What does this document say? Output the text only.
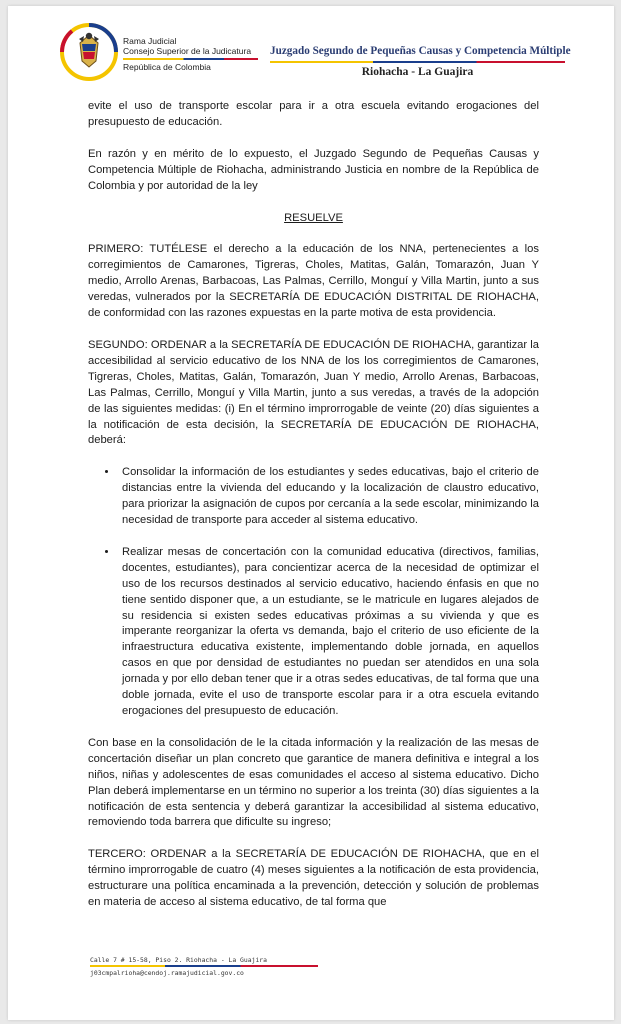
Rama Judicial
Consejo Superior de la Judicatura
República de Colombia
Juzgado Segundo de Pequeñas Causas y Competencia Múltiple
Riohacha - La Guajira

evite el uso de transporte escolar para ir a otra escuela evitando erogaciones del presupuesto de educación.

En razón y en mérito de lo expuesto, el Juzgado Segundo de Pequeñas Causas y Competencia Múltiple de Riohacha, administrando Justicia en nombre de la República de Colombia y por autoridad de la ley

RESUELVE

PRIMERO: TUTÉLESE el derecho a la educación de los NNA, pertenecientes a los corregimientos de Camarones, Tigreras, Choles, Matitas, Galán, Tomarazón, Juan Y medio, Arrollo Arenas, Barbacoas, Las Palmas, Cerrillo, Monguí y Villa Martin, junto a sus veredas, vulnerados por la SECRETARÍA DE EDUCACIÓN DISTRITAL DE RIOHACHA, de conformidad con las razones expuestas en la parte motiva de esta providencia.

SEGUNDO: ORDENAR a la SECRETARÍA DE EDUCACIÓN DE RIOHACHA, garantizar la accesibilidad al servicio educativo de los NNA de los los corregimientos de Camarones, Tigreras, Choles, Matitas, Galán, Tomarazón, Juan Y medio, Arrollo Arenas, Barbacoas, Las Palmas, Cerrillo, Monguí y Villa Martin, junto a sus veredas, a través de la adopción de las siguientes medidas: (i) En el término improrrogable de veinte (20) días siguientes a la notificación de esta decisión, la SECRETARÍA DE EDUCACIÓN DE RIOHACHA, deberá:

• Consolidar la información de los estudiantes y sedes educativas, bajo el criterio de distancias entre la vivienda del educando y la localización de claustro educativo, para priorizar la asignación de cupos por cercanía a la sede escolar, minimizando la necesidad de transporte para acceder al sistema educativo.
• Realizar mesas de concertación con la comunidad educativa (directivos, familias, docentes, estudiantes), para concientizar acerca de la necesidad de optimizar el uso de los recursos destinados al servicio educativo, haciendo énfasis en que no tiene sentido disponer que, a un estudiante, se le matricule en lugares alejados de su residencia si existen sedes educativas próximas a su vivienda y que es imperante reorganizar la oferta vs demanda, bajo el criterio de uso eficiente de la infraestructura educativa existente, implementando doble jornada, en aquellos casos en que por densidad de estudiantes no puedan ser atendidos en una sola jornada y por ello deban tener que ir a otras sedes educativas, de tal forma que una doble jornada, evite el uso de transporte escolar para ir a otra escuela evitando erogaciones del presupuesto de educación.

Con base en la consolidación de le la citada información y la realización de las mesas de concertación diseñar un plan concreto que garantice de manera definitiva e integral a los niños, niñas y adolescentes de esas comunidades el acceso al sistema educativo. Dicho Plan deberá implementarse en un término no superior a los treinta (30) días siguientes a la notificación de esta sentencia y deberá garantizar la accesibilidad al sistema educativo, removiendo toda barrera que dificulte su ingreso;

TERCERO: ORDENAR a la SECRETARÍA DE EDUCACIÓN DE RIOHACHA, que en el término improrrogable de cuatro (4) meses siguientes a la notificación de esta providencia, estructurare una política encaminada a la prevención, detección y solución de problemas en materia de acceso al sistema educativo, de tal forma que

Calle 7 # 15-58, Piso 2. Riohacha - La Guajira
j03cmpalrioha@cendoj.ramajudicial.gov.co
